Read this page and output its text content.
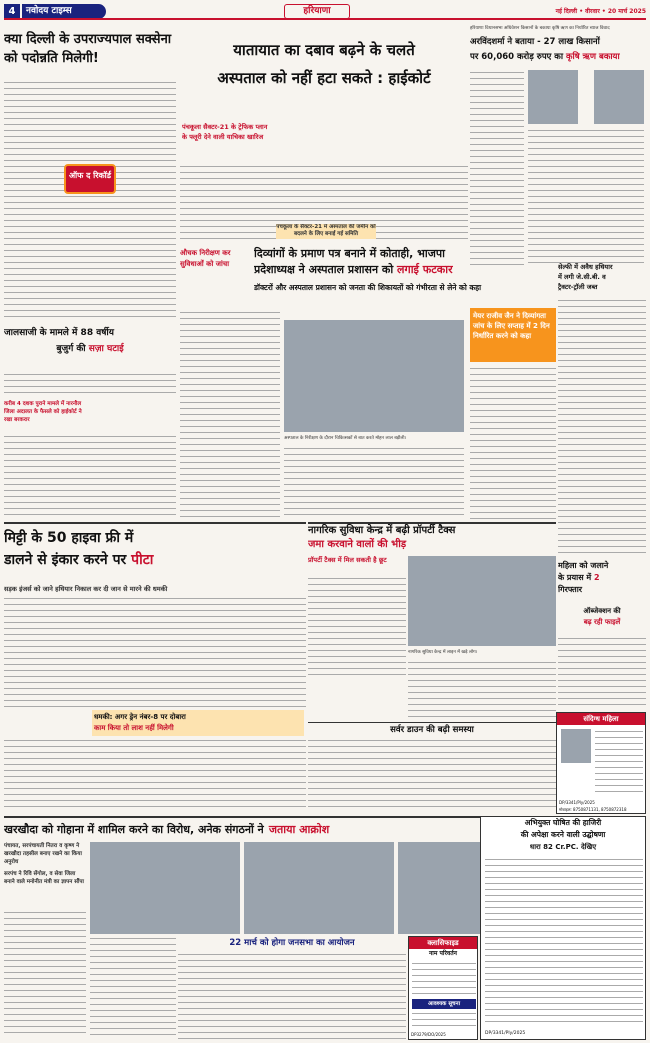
4	नवोदय टाइम्स	हरियाणा	नई दिल्ली • वीरवार • 20 मार्च 2025
क्या दिल्ली के उपराज्यपाल सक्सेना को पदोन्नति मिलेगी!
ऑफ द रिकॉर्ड
यातायात का दबाव बढ़ने के चलते
अस्पताल को नहीं हटा सकते : हाईकोर्ट
पंचकूला सैक्टर-21 के ट्रेफिक प्लान के फ्लूरी देने वाली याचिका खारिज
पंचकूला के सैक्टर-21 में अस्पताल की जमीन को बदलने के लिए बनाई गई समिति
हरियाणा विधानसभा अधिवेशन किसानों के बकाया कृषि ऋण का निर्धारित ब्याज विवाद
अरविंदशर्मा ने बताया - 27 लाख किसानों
पर 60,060 करोड़ रुपए का कृषि ऋण बकाया
औचक निरीक्षण कर सुविधाओं को जांचा
दिव्यांगों के प्रमाण पत्र बनाने में कोताही, भाजपा
प्रदेशाध्यक्ष ने अस्पताल प्रशासन को लगाई फटकार
डॉक्टरों और अस्पताल प्रशासन को जनता की शिकायतों को गंभीरता से लेने को कहा
मेयर राजीव जैन ने दिव्यांगता जांच के लिए सप्ताह में 2 दिन निर्धारित करने को कहा
अस्पताल के निरीक्षण के दौरान चिकित्सकों से बात करते मोहन लाल बड़ौली।
जालसाजी के मामले में 88 वर्षीय
बुजुर्ग की सज़ा घटाई
करीब 4 दशक पुराने मामले में नारनौल जिला अदालत के फैसले को हाईकोर्ट ने रखा बरकरार
सेल्फी में अवैध हथियार
में लगी जे.सी.बी. व
ट्रैक्टर-ट्रॉली जब्त
महिला को जलाने
के प्रयास में 2
गिरफ्तार
मिट्टी के 50 हाइवा फ्री में
डालने से इंकार करने पर पीटा
सड़क इंजर्स को जाने हथियार निकाल कर दी जान से मारने की धमकी
धमकी: अगर ड्रेन नंबर-8 पर दोबारा
काम किया तो लाश नहीं मिलेगी
नागरिक सुविधा केन्द्र में बढ़ी प्रॉपर्टी टैक्स
जमा करवाने वालों की भीड़
प्रॉपर्टी टैक्स में मिल सकती है छूट
नागरिक सुविधा केन्द्र में लाइन में खड़े लोग।
सर्वर डाउन की बढ़ी समस्या
ऑब्जेक्शन की
बढ़ रही फाइलें
संदिग्ध महिला
DP/3341/Ply/2025
मोबाइल: 8750871131, 8750872318
खरखौदा को गोहाना में शामिल करने का विरोध, अनेक संगठनों ने जताया आक्रोश
पंचायत, सरपंचायती नितरा व कृष्ण ने खरखौदा तहसील बनाए रखने का किया अनुरोध
सरपंच ने रिवि सेंगोल, व सेवा जिला बनाने वाले मनोनीत मंत्री का ज्ञापन सौंपा
22 मार्च को होगा जनसभा का आयोजन	क्लासिफाइड
नाम परिवर्तन
आवश्यक सूचना
DP3279/DO/2025
अभियुक्त घोषित की हाजिरी
की अपेक्षा करने वाली उद्घोषणा
धारा 82 Cr.PC. देखिए
DP/3341/Ply/2025
